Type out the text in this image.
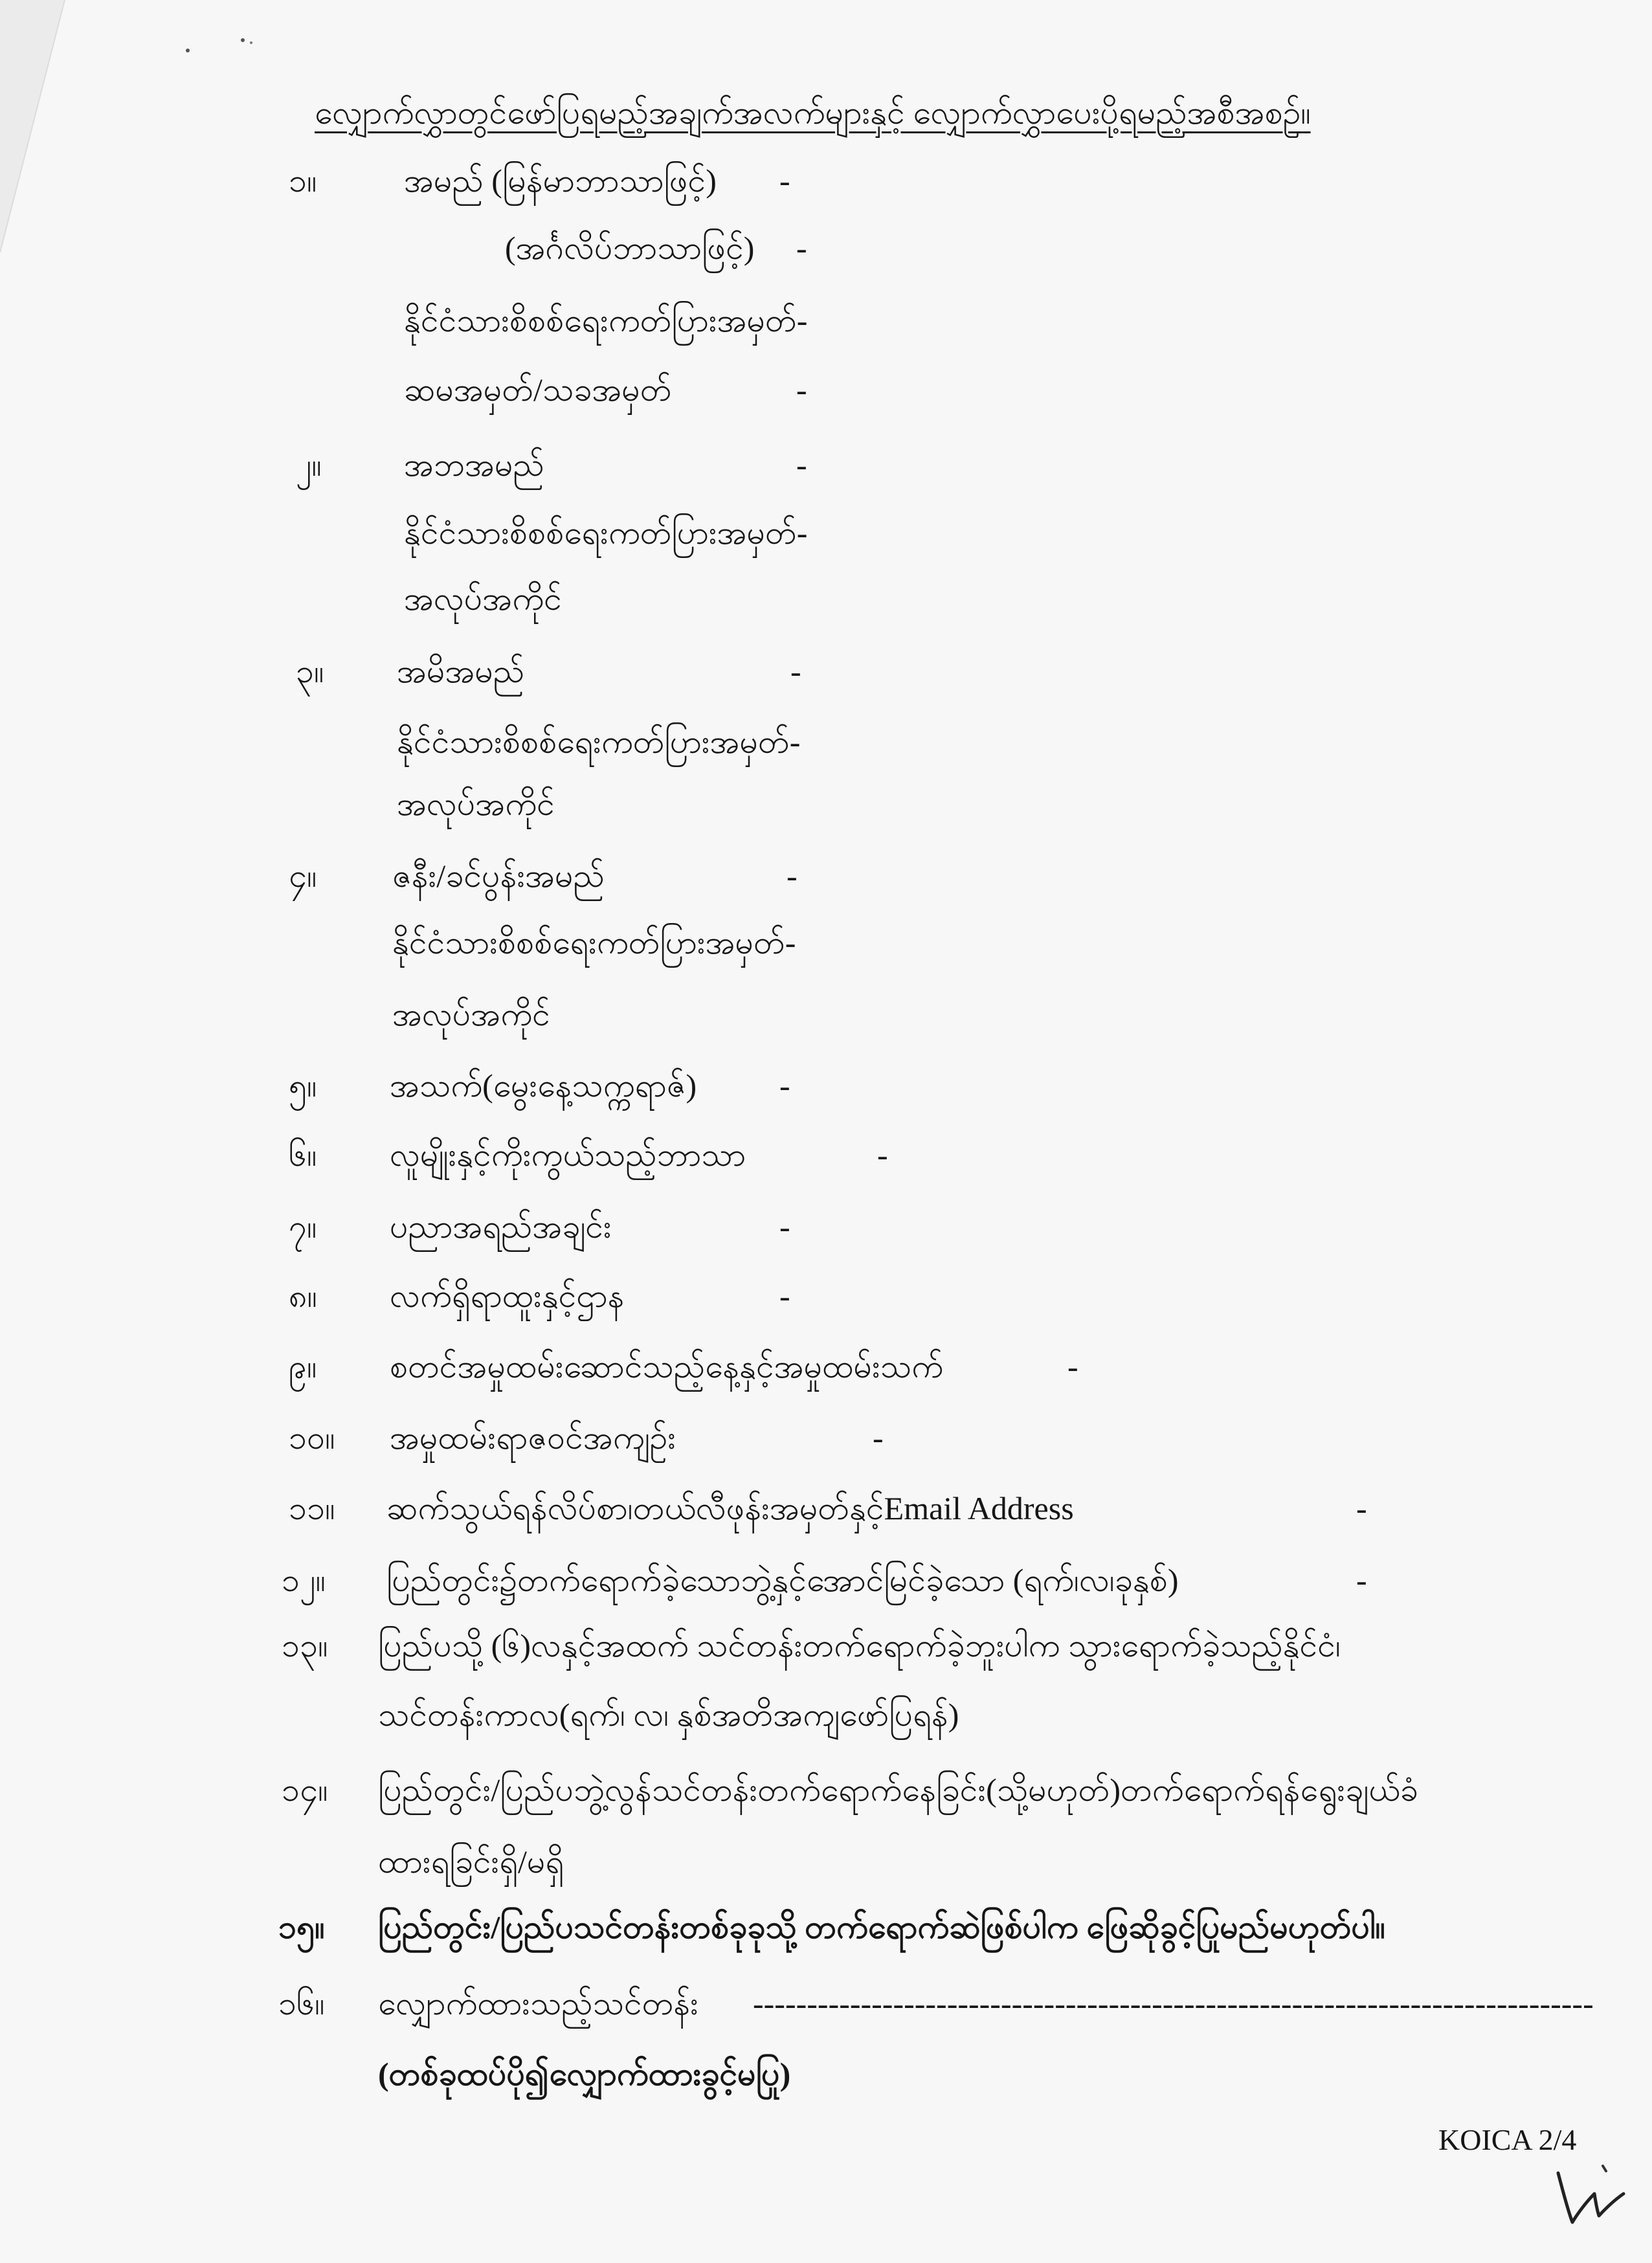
လျှောက်လွှာတွင်ဖော်ပြရမည့်အချက်အလက်များနှင့် လျှောက်လွှာပေးပို့ရမည့်အစီအစဉ်။
၁။	အမည် (မြန်မာဘာသာဖြင့်) -
(အင်္ဂလိပ်ဘာသာဖြင့်) -
နိုင်ငံသားစိစစ်ရေးကတ်ပြားအမှတ်-
ဆမအမှတ်/သခအမှတ်	-
၂။	အဘအမည်	-
နိုင်ငံသားစိစစ်ရေးကတ်ပြားအမှတ်-
အလုပ်အကိုင်
၃။ အမိအမည်	-
နိုင်ငံသားစိစစ်ရေးကတ်ပြားအမှတ်-
အလုပ်အကိုင်
၄။ ဇနီး/ခင်ပွန်းအမည်	-
နိုင်ငံသားစိစစ်ရေးကတ်ပြားအမှတ်-
အလုပ်အကိုင်
၅။ အသက်(မွေးနေ့သက္ကရာဇ်)	-
၆။ လူမျိုးနှင့်ကိုးကွယ်သည့်ဘာသာ	-
၇။ ပညာအရည်အချင်း	-
၈။ လက်ရှိရာထူးနှင့်ဌာန	-
၉။ စတင်အမှုထမ်းဆောင်သည့်နေ့နှင့်အမှုထမ်းသက်	-
၁၀။ အမှုထမ်းရာဇဝင်အကျဉ်း	-
၁၁။ ဆက်သွယ်ရန်လိပ်စာ၊တယ်လီဖုန်းအမှတ်နှင့်Email Address	-
၁၂။ ပြည်တွင်း၌တက်ရောက်ခဲ့သောဘွဲ့နှင့်အောင်မြင်ခဲ့သော (ရက်၊လ၊ခုနှစ်)	-
၁၃။ ပြည်ပသို့ (၆)လနှင့်အထက် သင်တန်းတက်ရောက်ခဲ့ဘူးပါက သွားရောက်ခဲ့သည့်နိုင်ငံ၊
သင်တန်းကာလ(ရက်၊ လ၊ နှစ်အတိအကျဖော်ပြရန်)
၁၄။ ပြည်တွင်း/ပြည်ပဘွဲ့လွန်သင်တန်းတက်ရောက်နေခြင်း(သို့မဟုတ်)တက်ရောက်ရန်ရွေးချယ်ခံ
ထားရခြင်းရှိ/မရှိ
၁၅။ ပြည်တွင်း/ပြည်ပသင်တန်းတစ်ခုခုသို့ တက်ရောက်ဆဲဖြစ်ပါက ဖြေဆိုခွင့်ပြုမည်မဟုတ်ပါ။
၁၆။ လျှောက်ထားသည့်သင်တန်း ------------------------------------------------------------------------------
(တစ်ခုထပ်ပို၍လျှောက်ထားခွင့်မပြု)
KOICA 2/4
